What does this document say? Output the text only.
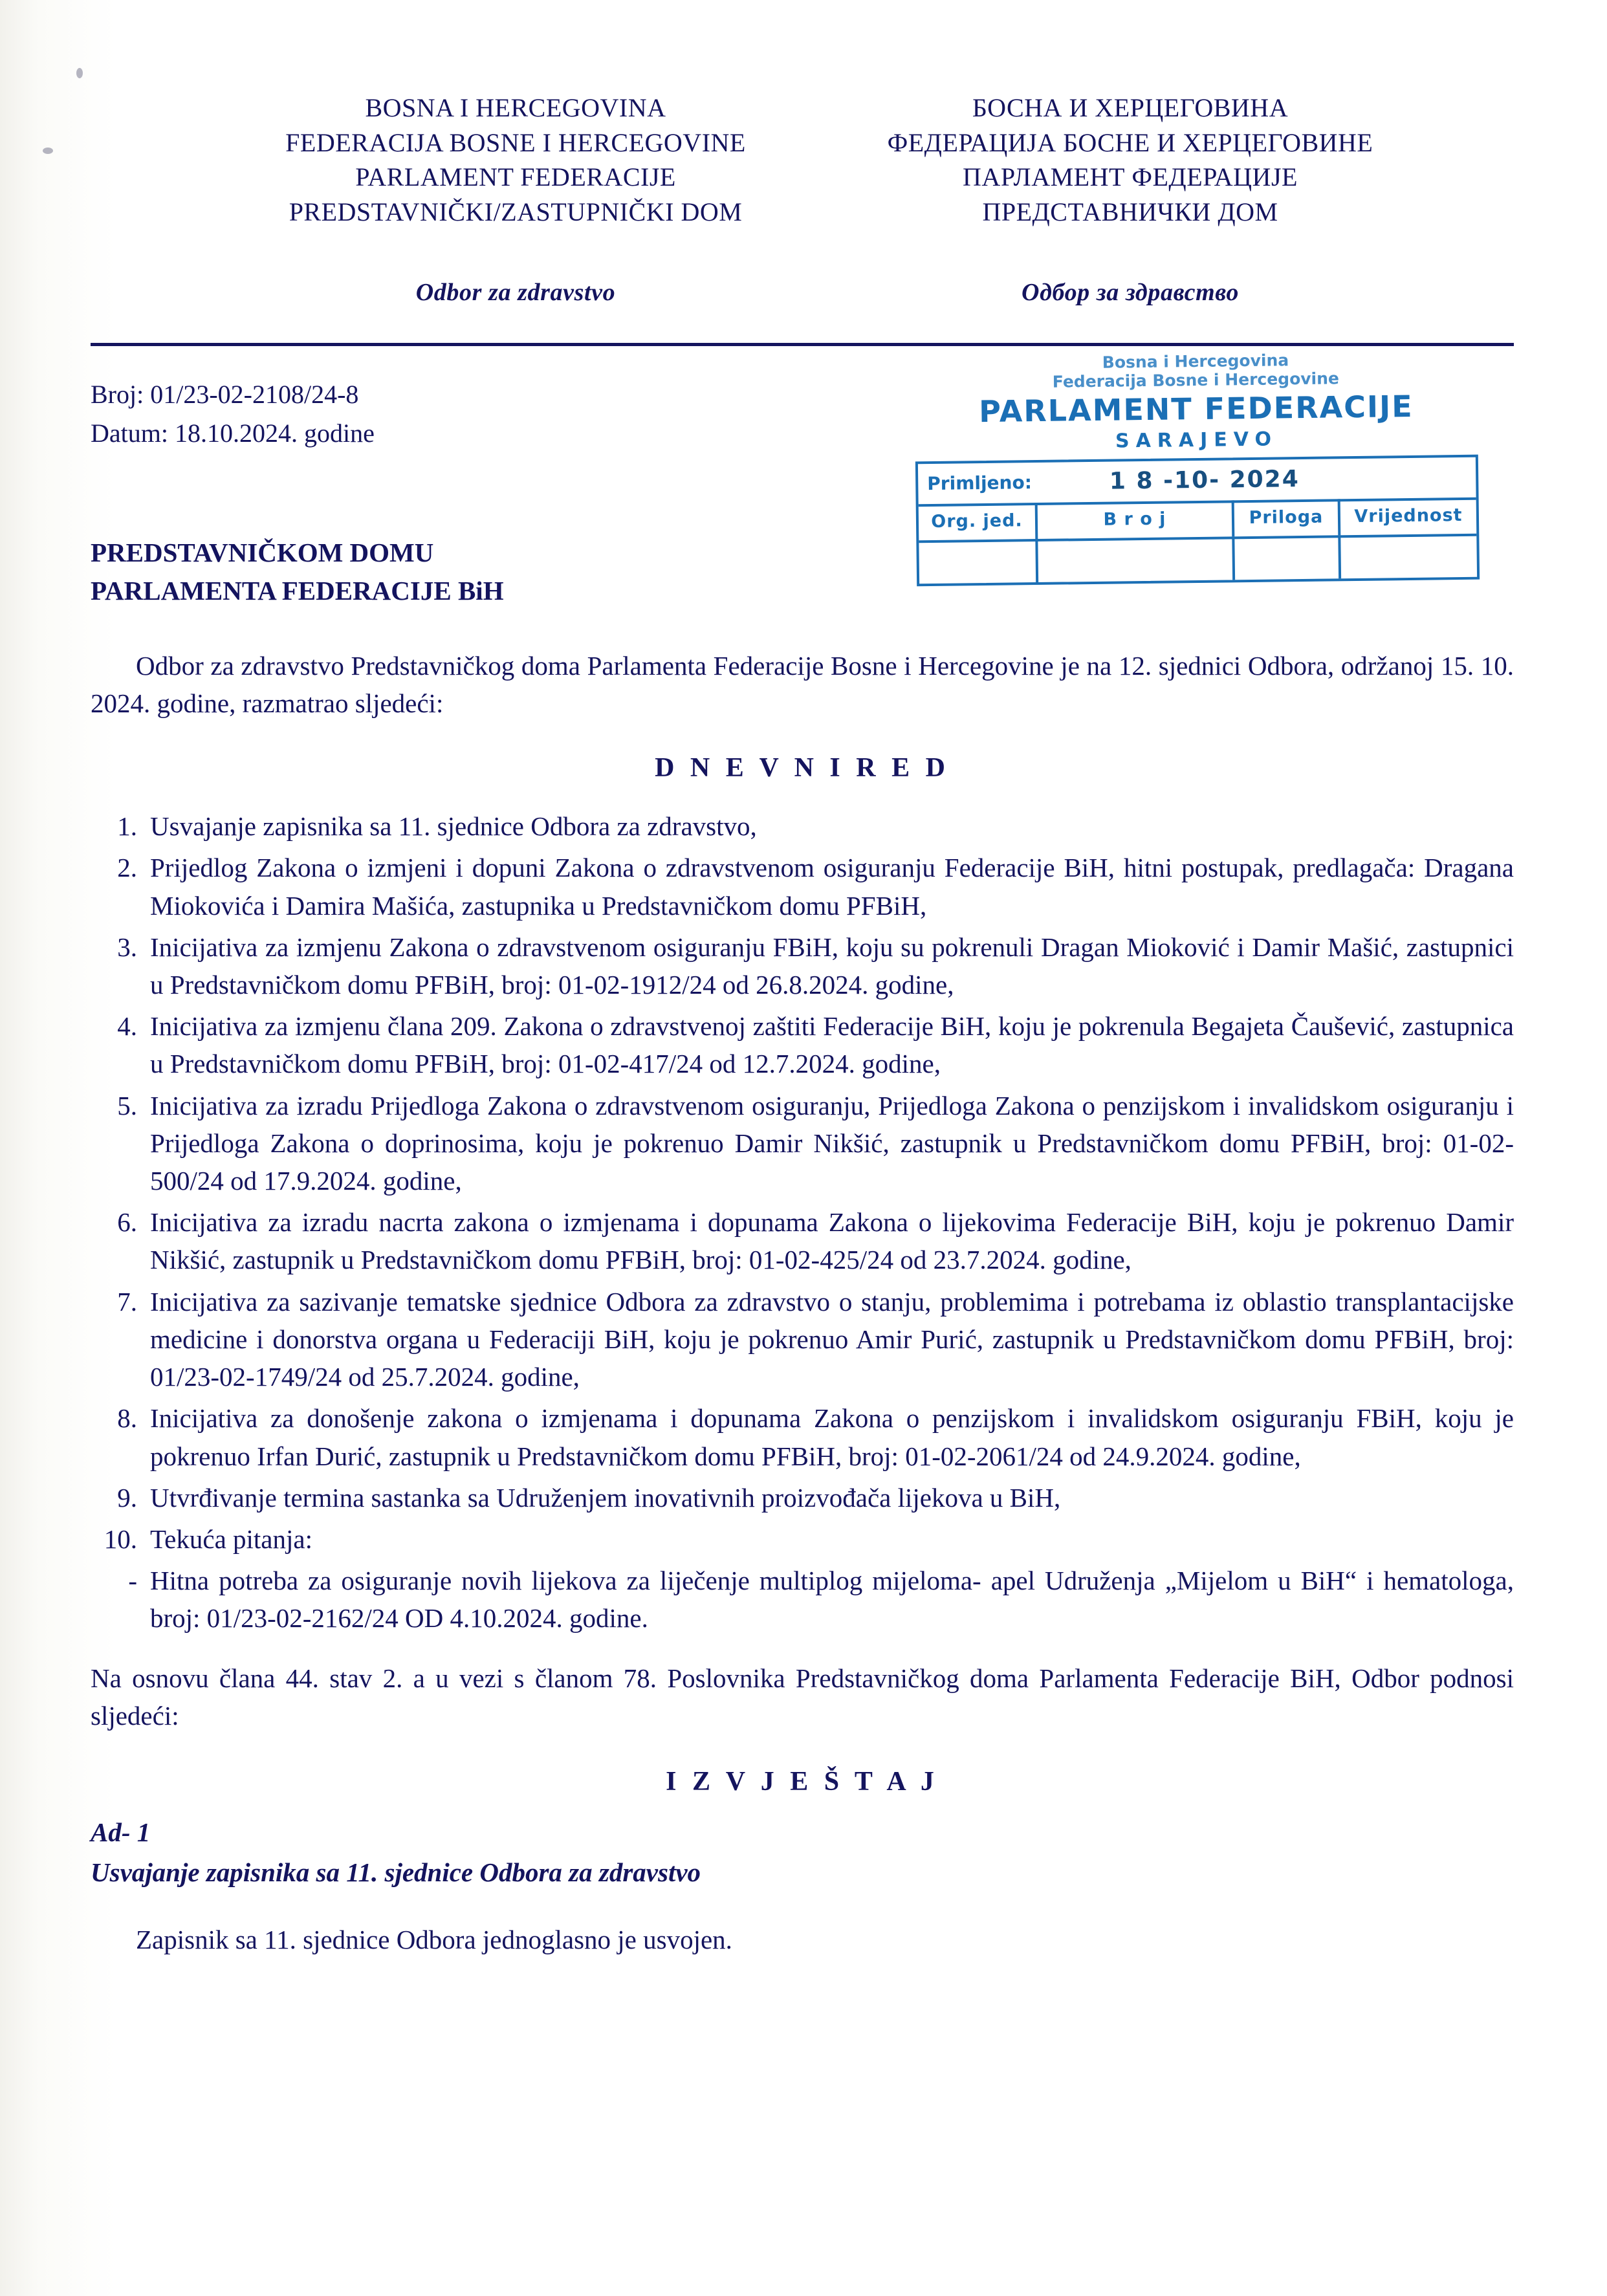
BOSNA I HERCEGOVINA
FEDERACIJA BOSNE I HERCEGOVINE
PARLAMENT FEDERACIJE
PREDSTAVNIČKI/ZASTUPNIČKI DOM
БОСНА И ХЕРЦЕГОВИНА
ФЕДЕРАЦИЈА БОСНЕ И ХЕРЦЕГОВИНЕ
ПАРЛАМЕНТ ФЕДЕРАЦИЈЕ
ПРЕДСТАВНИЧКИ ДОМ
Odbor za zdravstvo	Одбор за здравство
Broj: 01/23-02-2108/24-8
Datum: 18.10.2024. godine
Bosna i Hercegovina
Federacija Bosne i Hercegovine
PARLAMENT FEDERACIJE
SARAJEVO
Primljeno:	1 8 -10- 2024
Org. jed.	B r o j	Priloga	Vrijednost
PREDSTAVNIČKOM DOMU
PARLAMENTA FEDERACIJE BiH
Odbor za zdravstvo Predstavničkog doma Parlamenta Federacije Bosne i Hercegovine je na 12. sjednici Odbora, održanoj 15. 10. 2024. godine, razmatrao sljedeći:
D N E V N I R E D
1. Usvajanje zapisnika sa 11. sjednice Odbora za zdravstvo,
2. Prijedlog Zakona o izmjeni i dopuni Zakona o zdravstvenom osiguranju Federacije BiH, hitni postupak, predlagača: Dragana Miokovića i Damira Mašića, zastupnika u Predstavničkom domu PFBiH,
3. Inicijativa za izmjenu Zakona o zdravstvenom osiguranju FBiH, koju su pokrenuli Dragan Mioković i Damir Mašić, zastupnici u Predstavničkom domu PFBiH, broj: 01-02-1912/24 od 26.8.2024. godine,
4. Inicijativa za izmjenu člana 209. Zakona o zdravstvenoj zaštiti Federacije BiH, koju je pokrenula Begajeta Čaušević, zastupnica u Predstavničkom domu PFBiH, broj: 01-02-417/24 od 12.7.2024. godine,
5. Inicijativa za izradu Prijedloga Zakona o zdravstvenom osiguranju, Prijedloga Zakona o penzijskom i invalidskom osiguranju i Prijedloga Zakona o doprinosima, koju je pokrenuo Damir Nikšić, zastupnik u Predstavničkom domu PFBiH, broj: 01-02-500/24 od 17.9.2024. godine,
6. Inicijativa za izradu nacrta zakona o izmjenama i dopunama Zakona o lijekovima Federacije BiH, koju je pokrenuo Damir Nikšić, zastupnik u Predstavničkom domu PFBiH, broj: 01-02-425/24 od 23.7.2024. godine,
7. Inicijativa za sazivanje tematske sjednice Odbora za zdravstvo o stanju, problemima i potrebama iz oblastio transplantacijske medicine i donorstva organa u Federaciji BiH, koju je pokrenuo Amir Purić, zastupnik u Predstavničkom domu PFBiH, broj: 01/23-02-1749/24 od 25.7.2024. godine,
8. Inicijativa za donošenje zakona o izmjenama i dopunama Zakona o penzijskom i invalidskom osiguranju FBiH, koju je pokrenuo Irfan Durić, zastupnik u Predstavničkom domu PFBiH, broj: 01-02-2061/24 od 24.9.2024. godine,
9. Utvrđivanje termina sastanka sa Udruženjem inovativnih proizvođača lijekova u BiH,
10. Tekuća pitanja:
- Hitna potreba za osiguranje novih lijekova za liječenje multiplog mijeloma- apel Udruženja „Mijelom u BiH“ i hematologa, broj: 01/23-02-2162/24 OD 4.10.2024. godine.
Na osnovu člana 44. stav 2. a u vezi s članom 78. Poslovnika Predstavničkog doma Parlamenta Federacije BiH, Odbor podnosi sljedeći:
I Z V J E Š T A J
Ad- 1
Usvajanje zapisnika sa 11. sjednice Odbora za zdravstvo
Zapisnik sa 11. sjednice Odbora jednoglasno je usvojen.
